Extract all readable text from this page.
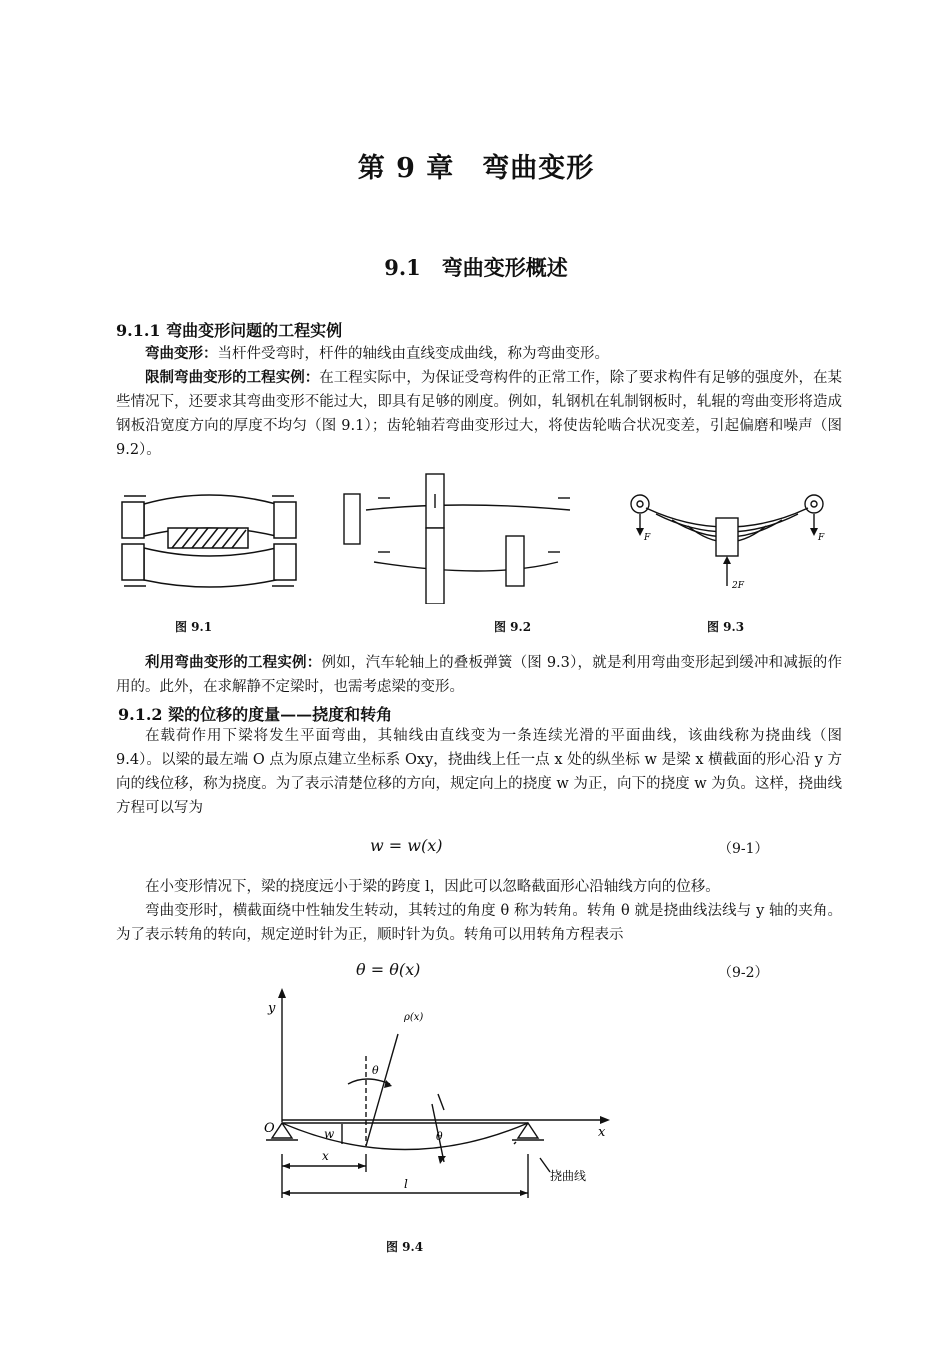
第 9 章　弯曲变形
9.1　弯曲变形概述
9.1.1 弯曲变形问题的工程实例

弯曲变形：当杆件受弯时，杆件的轴线由直线变成曲线，称为弯曲变形。

限制弯曲变形的工程实例：在工程实际中，为保证受弯构件的正常工作，除了要求构件有足够的强度外，在某些情况下，还要求其弯曲变形不能过大，即具有足够的刚度。例如，轧钢机在轧制钢板时，轧辊的弯曲变形将造成钢板沿宽度方向的厚度不均匀（图 9.1）；齿轮轴若弯曲变形过大，将使齿轮啮合状况变差，引起偏磨和噪声（图 9.2）。

图 9.1	图 9.2
F	F
2F
图 9.3

利用弯曲变形的工程实例：例如，汽车轮轴上的叠板弹簧（图 9.3），就是利用弯曲变形起到缓冲和减振的作用的。此外，在求解静不定梁时，也需考虑梁的变形。

9.1.2 梁的位移的度量——挠度和转角

在载荷作用下梁将发生平面弯曲，其轴线由直线变为一条连续光滑的平面曲线，该曲线称为挠曲线（图 9.4）。以梁的最左端 O 点为原点建立坐标系 Oxy，挠曲线上任一点 x 处的纵坐标 w 是梁 x 横截面的形心沿 y 方向的线位移，称为挠度。为了表示清楚位移的方向，规定向上的挠度 w 为正，向下的挠度 w 为负。这样，挠曲线方程可以写为

w = w(x)	（9-1）

在小变形情况下，梁的挠度远小于梁的跨度 l，因此可以忽略截面形心沿轴线方向的位移。

弯曲变形时，横截面绕中性轴发生转动，其转过的角度 θ 称为转角。转角 θ 就是挠曲线法线与 y 轴的夹角。为了表示转角的转向，规定逆时针为正，顺时针为负。转角可以用转角方程表示

θ = θ(x)	（9-2）
y
x
O
ρ(x)
θ
θ
w
x
l
挠曲线
图 9.4
